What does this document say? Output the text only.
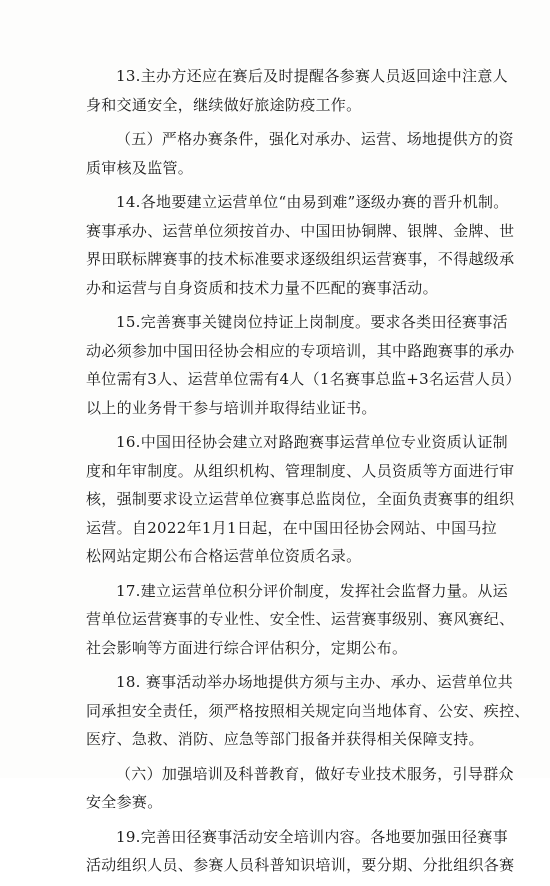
13.主办方还应在赛后及时提醒各参赛人员返回途中注意人
身和交通安全，继续做好旅途防疫工作。

（五）严格办赛条件，强化对承办、运营、场地提供方的资
质审核及监管。

14.各地要建立运营单位“由易到难”逐级办赛的晋升机制。
赛事承办、运营单位须按首办、中国田协铜牌、银牌、金牌、世
界田联标牌赛事的技术标准要求逐级组织运营赛事，不得越级承
办和运营与自身资质和技术力量不匹配的赛事活动。

15.完善赛事关键岗位持证上岗制度。要求各类田径赛事活
动必须参加中国田径协会相应的专项培训，其中路跑赛事的承办
单位需有3人、运营单位需有4人（1名赛事总监+3名运营人员）
以上的业务骨干参与培训并取得结业证书。

16.中国田径协会建立对路跑赛事运营单位专业资质认证制
度和年审制度。从组织机构、管理制度、人员资质等方面进行审
核，强制要求设立运营单位赛事总监岗位，全面负责赛事的组织
运营。自2022年1月1日起，在中国田径协会网站、中国马拉
松网站定期公布合格运营单位资质名录。

17.建立运营单位积分评价制度，发挥社会监督力量。从运
营单位运营赛事的专业性、安全性、运营赛事级别、赛风赛纪、
社会影响等方面进行综合评估积分，定期公布。

18. 赛事活动举办场地提供方须与主办、承办、运营单位共
同承担安全责任，须严格按照相关规定向当地体育、公安、疾控、
医疗、急救、消防、应急等部门报备并获得相关保障支持。

（六）加强培训及科普教育，做好专业技术服务，引导群众
安全参赛。

19.完善田径赛事活动安全培训内容。各地要加强田径赛事
活动组织人员、参赛人员科普知识培训，要分期、分批组织各赛
